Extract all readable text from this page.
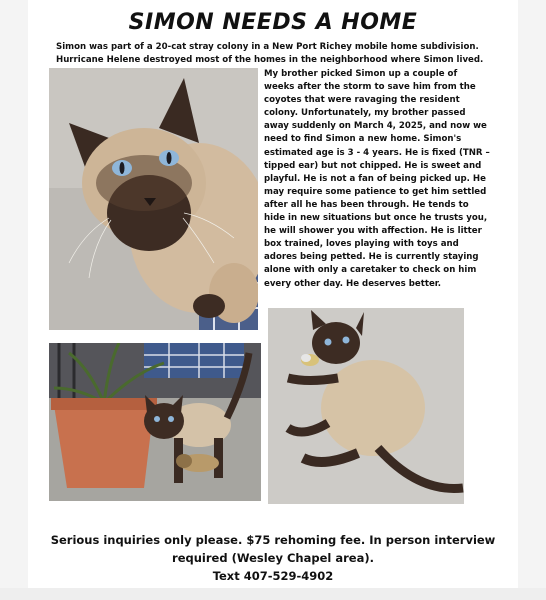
SIMON NEEDS A HOME
Simon was part of a 20-cat stray colony in a New Port Richey mobile home subdivision. Hurricane Helene destroyed most of the homes in the neighborhood where Simon lived.
My brother picked Simon up a couple of weeks after the storm to save him from the coyotes that were ravaging the resident colony. Unfortunately, my brother passed away suddenly on March 4, 2025, and now we need to find Simon a new home. Simon's estimated age is 3 - 4 years. He is fixed (TNR – tipped ear) but not chipped. He is sweet and playful. He is not a fan of being picked up. He may require some patience to get him settled after all he has been through. He tends to hide in new situations but once he trusts you, he will shower you with affection. He is litter box trained, loves playing with toys and adores being petted. He is currently staying alone with only a caretaker to check on him every other day. He deserves better.
Serious inquiries only please. $75 rehoming fee. In person interview required (Wesley Chapel area).
Text 407-529-4902
